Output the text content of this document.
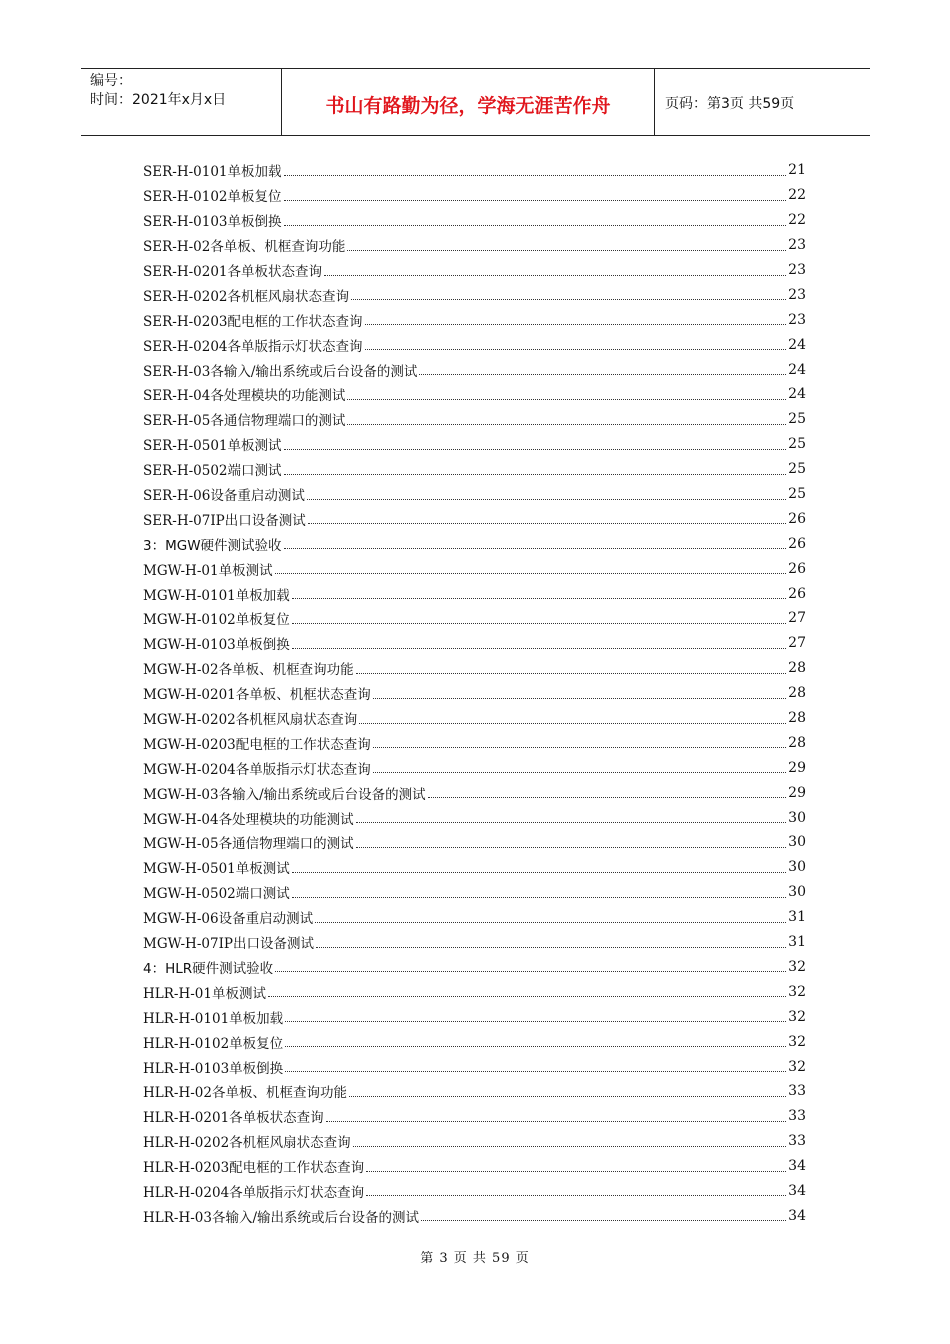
编号：
时间：2021年x月x日	书山有路勤为径，学海无涯苦作舟	页码：第3页 共59页
SER-H-0101单板加载	21
SER-H-0102单板复位	22
SER-H-0103单板倒换	22
SER-H-02各单板、机框查询功能	23
SER-H-0201各单板状态查询	23
SER-H-0202各机框风扇状态查询	23
SER-H-0203配电框的工作状态查询	23
SER-H-0204各单版指示灯状态查询	24
SER-H-03各输入/输出系统或后台设备的测试	24
SER-H-04各处理模块的功能测试	24
SER-H-05各通信物理端口的测试	25
SER-H-0501单板测试	25
SER-H-0502端口测试	25
SER-H-06设备重启动测试	25
SER-H-07IP出口设备测试	26
3：MGW硬件测试验收	26
MGW-H-01单板测试	26
MGW-H-0101单板加载	26
MGW-H-0102单板复位	27
MGW-H-0103单板倒换	27
MGW-H-02各单板、机框查询功能	28
MGW-H-0201各单板、机框状态查询	28
MGW-H-0202各机框风扇状态查询	28
MGW-H-0203配电框的工作状态查询	28
MGW-H-0204各单版指示灯状态查询	29
MGW-H-03各输入/输出系统或后台设备的测试	29
MGW-H-04各处理模块的功能测试	30
MGW-H-05各通信物理端口的测试	30
MGW-H-0501单板测试	30
MGW-H-0502端口测试	30
MGW-H-06设备重启动测试	31
MGW-H-07IP出口设备测试	31
4：HLR硬件测试验收	32
HLR-H-01单板测试	32
HLR-H-0101单板加载	32
HLR-H-0102单板复位	32
HLR-H-0103单板倒换	32
HLR-H-02各单板、机框查询功能	33
HLR-H-0201各单板状态查询	33
HLR-H-0202各机框风扇状态查询	33
HLR-H-0203配电框的工作状态查询	34
HLR-H-0204各单版指示灯状态查询	34
HLR-H-03各输入/输出系统或后台设备的测试	34
第 3 页 共 59 页
